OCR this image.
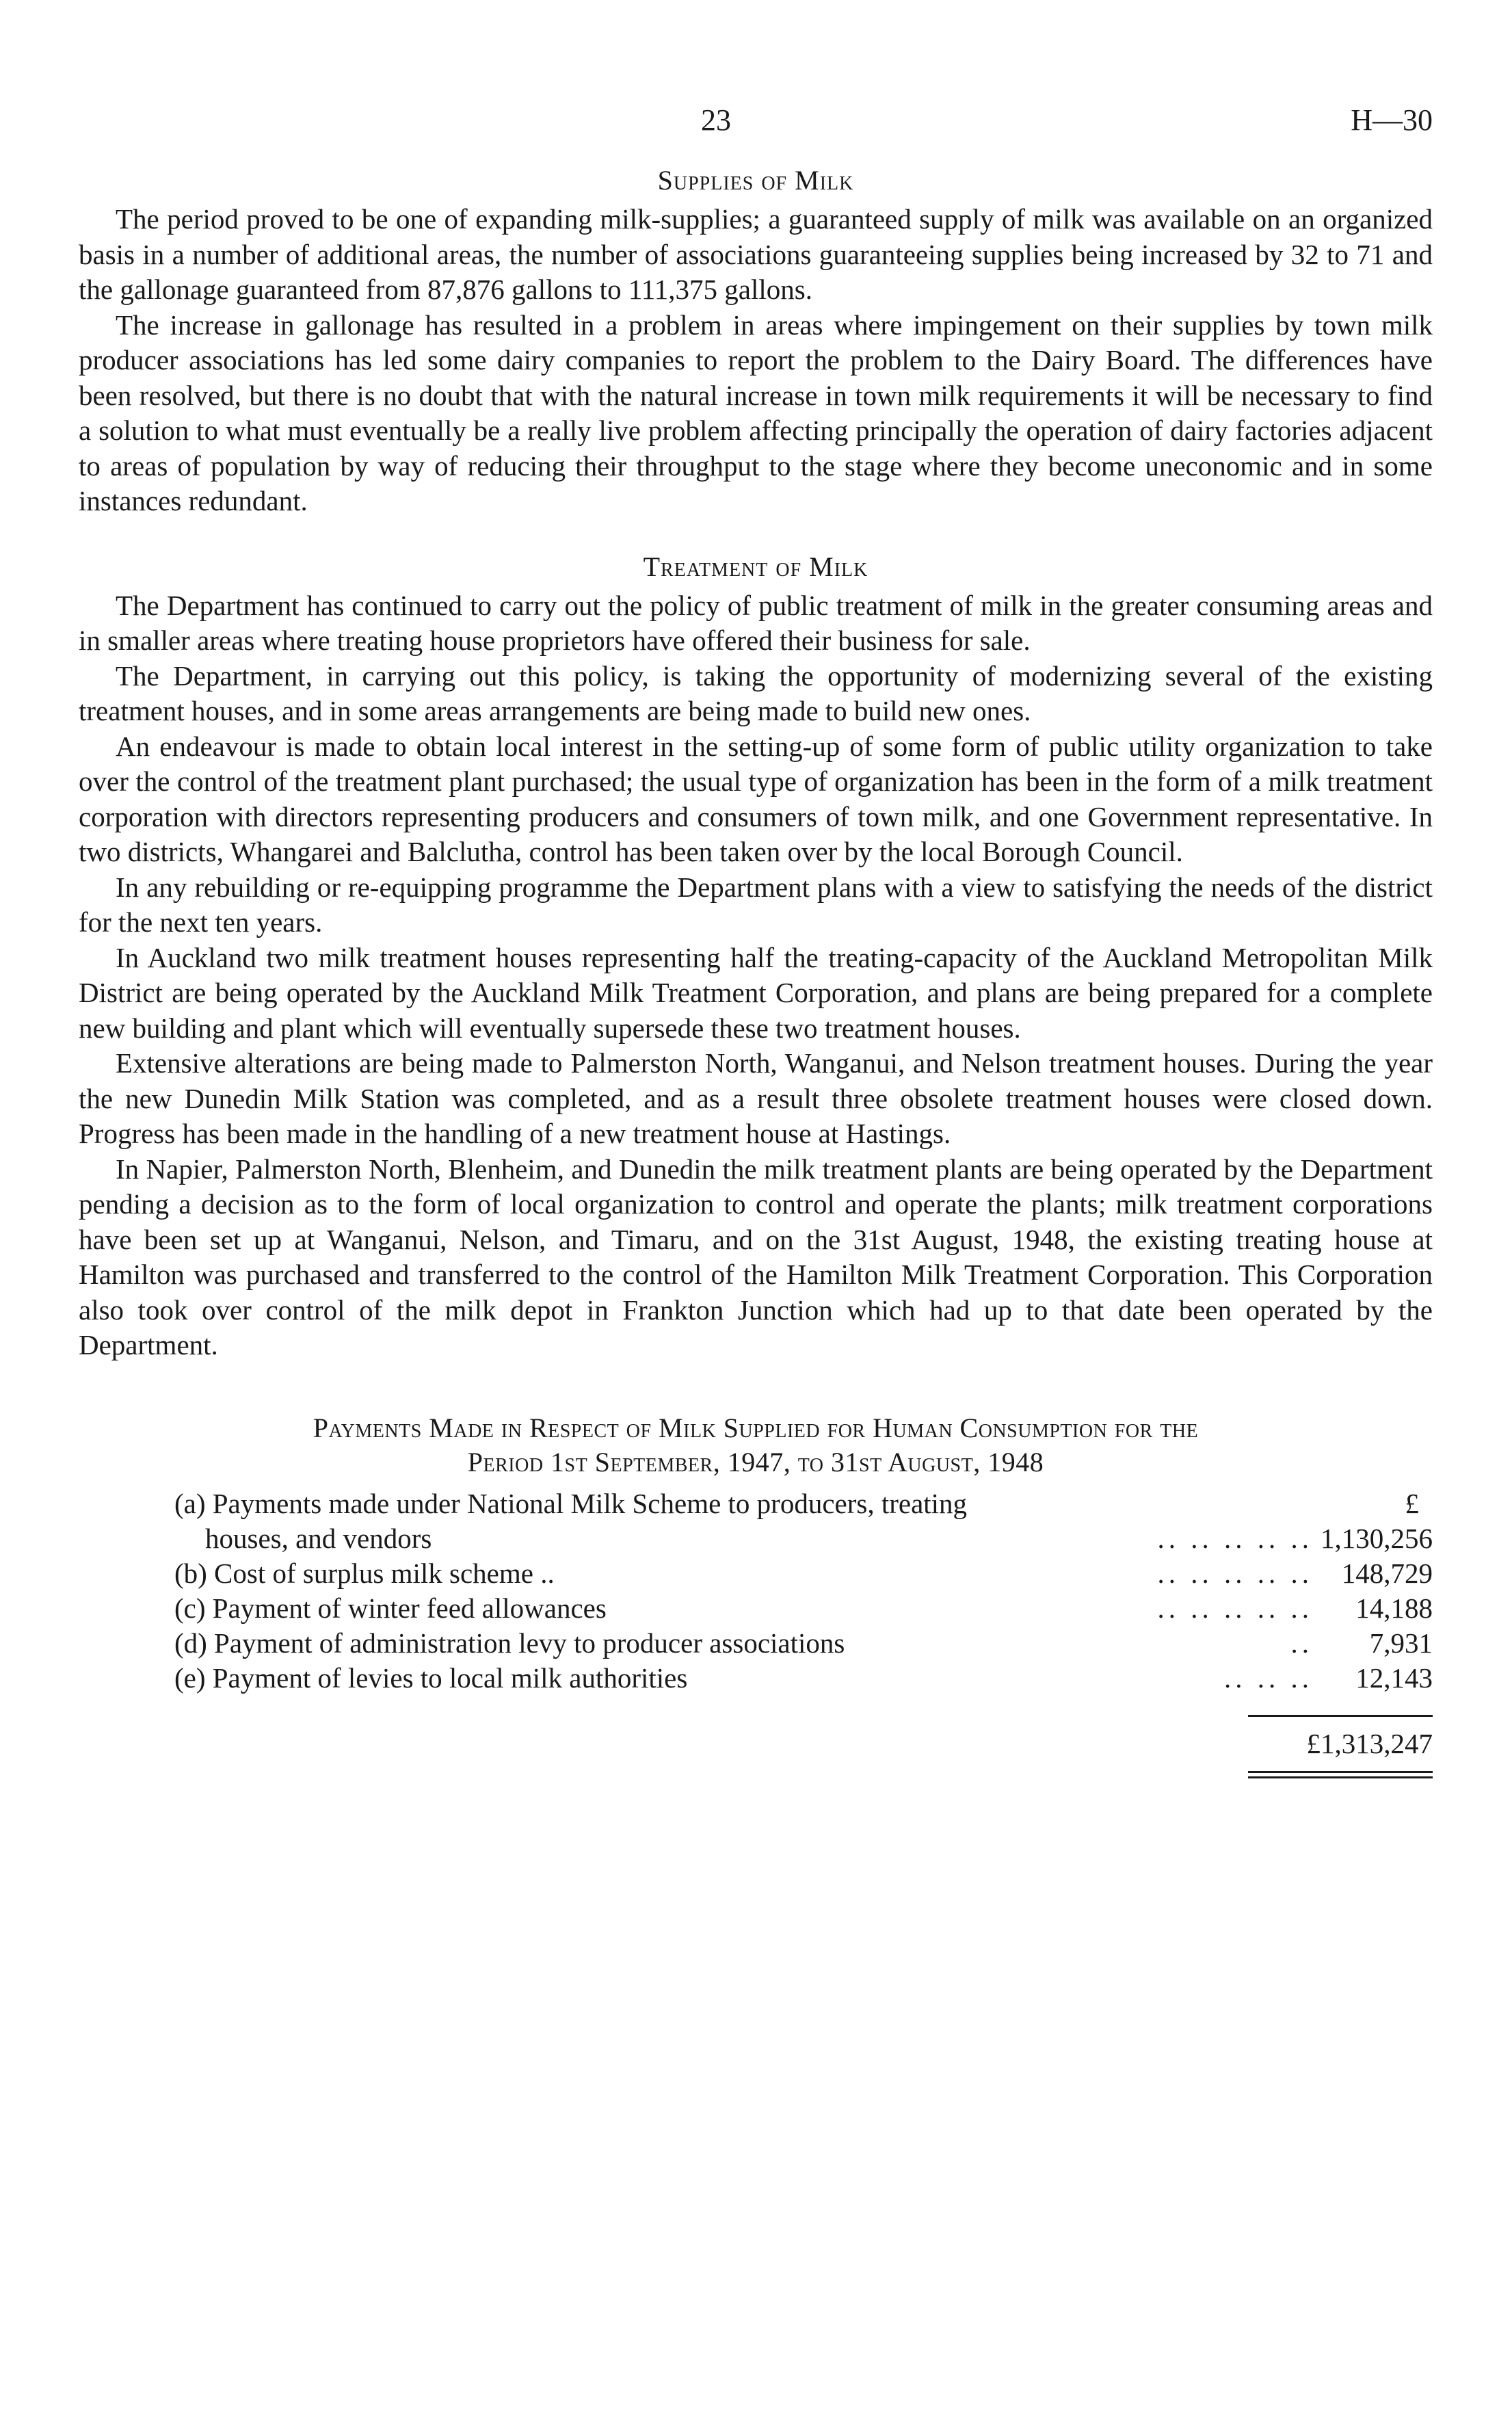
23	H—30
Supplies of Milk

The period proved to be one of expanding milk-supplies; a guaranteed supply of milk was available on an organized basis in a number of additional areas, the number of associations guaranteeing supplies being increased by 32 to 71 and the gallonage guaranteed from 87,876 gallons to 111,375 gallons.

The increase in gallonage has resulted in a problem in areas where impingement on their supplies by town milk producer associations has led some dairy companies to report the problem to the Dairy Board. The differences have been resolved, but there is no doubt that with the natural increase in town milk requirements it will be necessary to find a solution to what must eventually be a really live problem affecting principally the operation of dairy factories adjacent to areas of population by way of reducing their throughput to the stage where they become uneconomic and in some instances redundant.

Treatment of Milk

The Department has continued to carry out the policy of public treatment of milk in the greater consuming areas and in smaller areas where treating house proprietors have offered their business for sale.

The Department, in carrying out this policy, is taking the opportunity of modernizing several of the existing treatment houses, and in some areas arrangements are being made to build new ones.

An endeavour is made to obtain local interest in the setting-up of some form of public utility organization to take over the control of the treatment plant purchased; the usual type of organization has been in the form of a milk treatment corporation with directors representing producers and consumers of town milk, and one Government representative. In two districts, Whangarei and Balclutha, control has been taken over by the local Borough Council.

In any rebuilding or re-equipping programme the Department plans with a view to satisfying the needs of the district for the next ten years.

In Auckland two milk treatment houses representing half the treating-capacity of the Auckland Metropolitan Milk District are being operated by the Auckland Milk Treatment Corporation, and plans are being prepared for a complete new building and plant which will eventually supersede these two treatment houses.

Extensive alterations are being made to Palmerston North, Wanganui, and Nelson treatment houses. During the year the new Dunedin Milk Station was completed, and as a result three obsolete treatment houses were closed down. Progress has been made in the handling of a new treatment house at Hastings.

In Napier, Palmerston North, Blenheim, and Dunedin the milk treatment plants are being operated by the Department pending a decision as to the form of local organization to control and operate the plants; milk treatment corporations have been set up at Wanganui, Nelson, and Timaru, and on the 31st August, 1948, the existing treating house at Hamilton was purchased and transferred to the control of the Hamilton Milk Treatment Corporation. This Corporation also took over control of the milk depot in Frankton Junction which had up to that date been operated by the Department.

Payments Made in Respect of Milk Supplied for Human Consumption for the
Period 1st September, 1947, to 31st August, 1948
(a) Payments made under National Milk Scheme to producers, treating	£
houses, and vendors	.. .. .. .. .. 1,130,256
(b) Cost of surplus milk scheme ..	.. .. .. .. .. 148,729
(c) Payment of winter feed allowances	.. .. .. .. .. 14,188
(d) Payment of administration levy to producer associations	.. 7,931
(e) Payment of levies to local milk authorities	.. .. .. 12,143
£1,313,247
